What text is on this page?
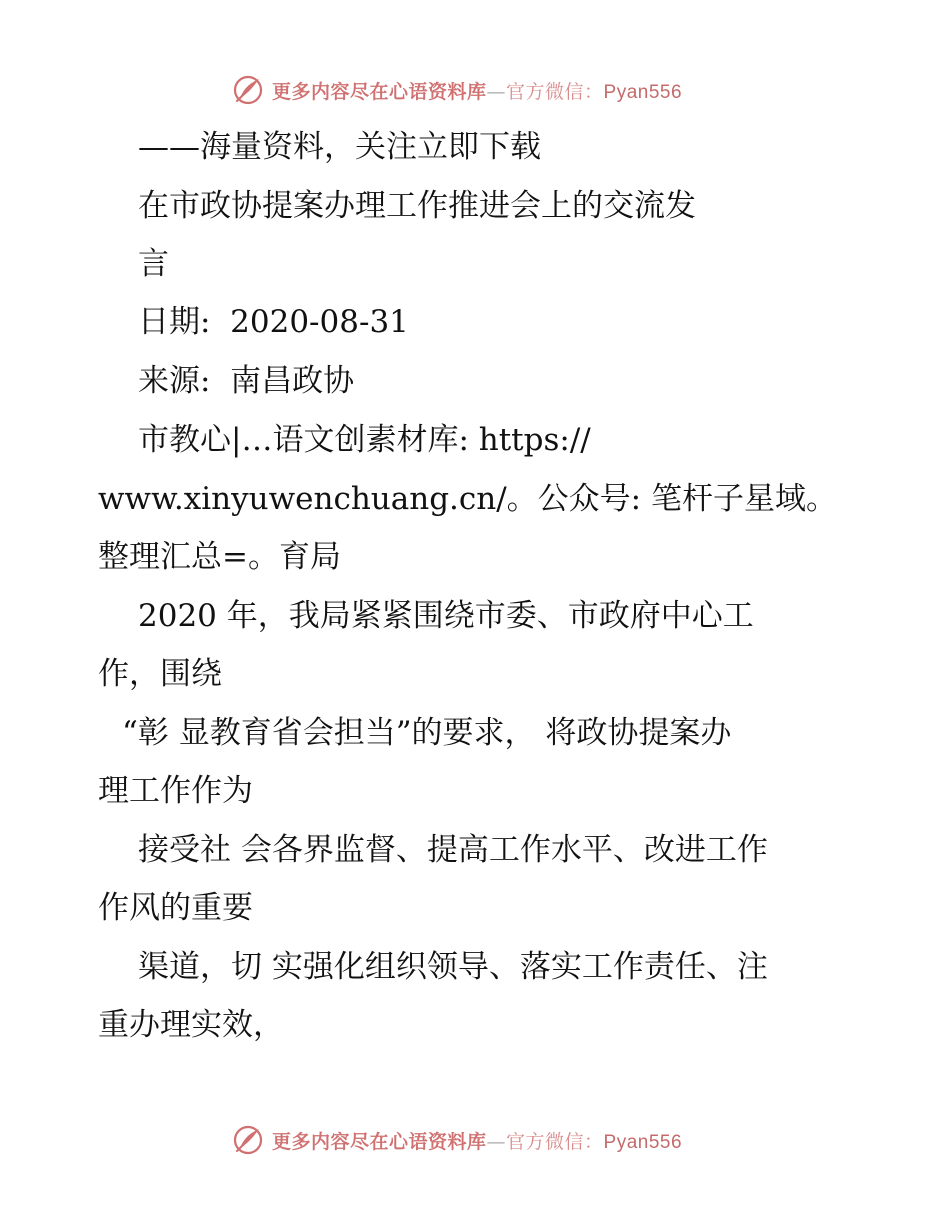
更多内容尽在心语资料库—官方微信：Pyan556
——海量资料，关注立即下载
在市政协提案办理工作推进会上的交流发
言
日期:  2020-08-31
来源:  南昌政协
市教心|…语文创素材库: https://
www.xinyuwenchuang.cn/。公众号: 笔杆子星域。
整理汇总=。育局
2020 年，我局紧紧围绕市委、市政府中心工
作，围绕
“彰 显教育省会担当”的要求， 将政协提案办
理工作作为
接受社 会各界监督、提高工作水平、改进工作
作风的重要
渠道，切 实强化组织领导、落实工作责任、注
重办理实效，
更多内容尽在心语资料库—官方微信：Pyan556
